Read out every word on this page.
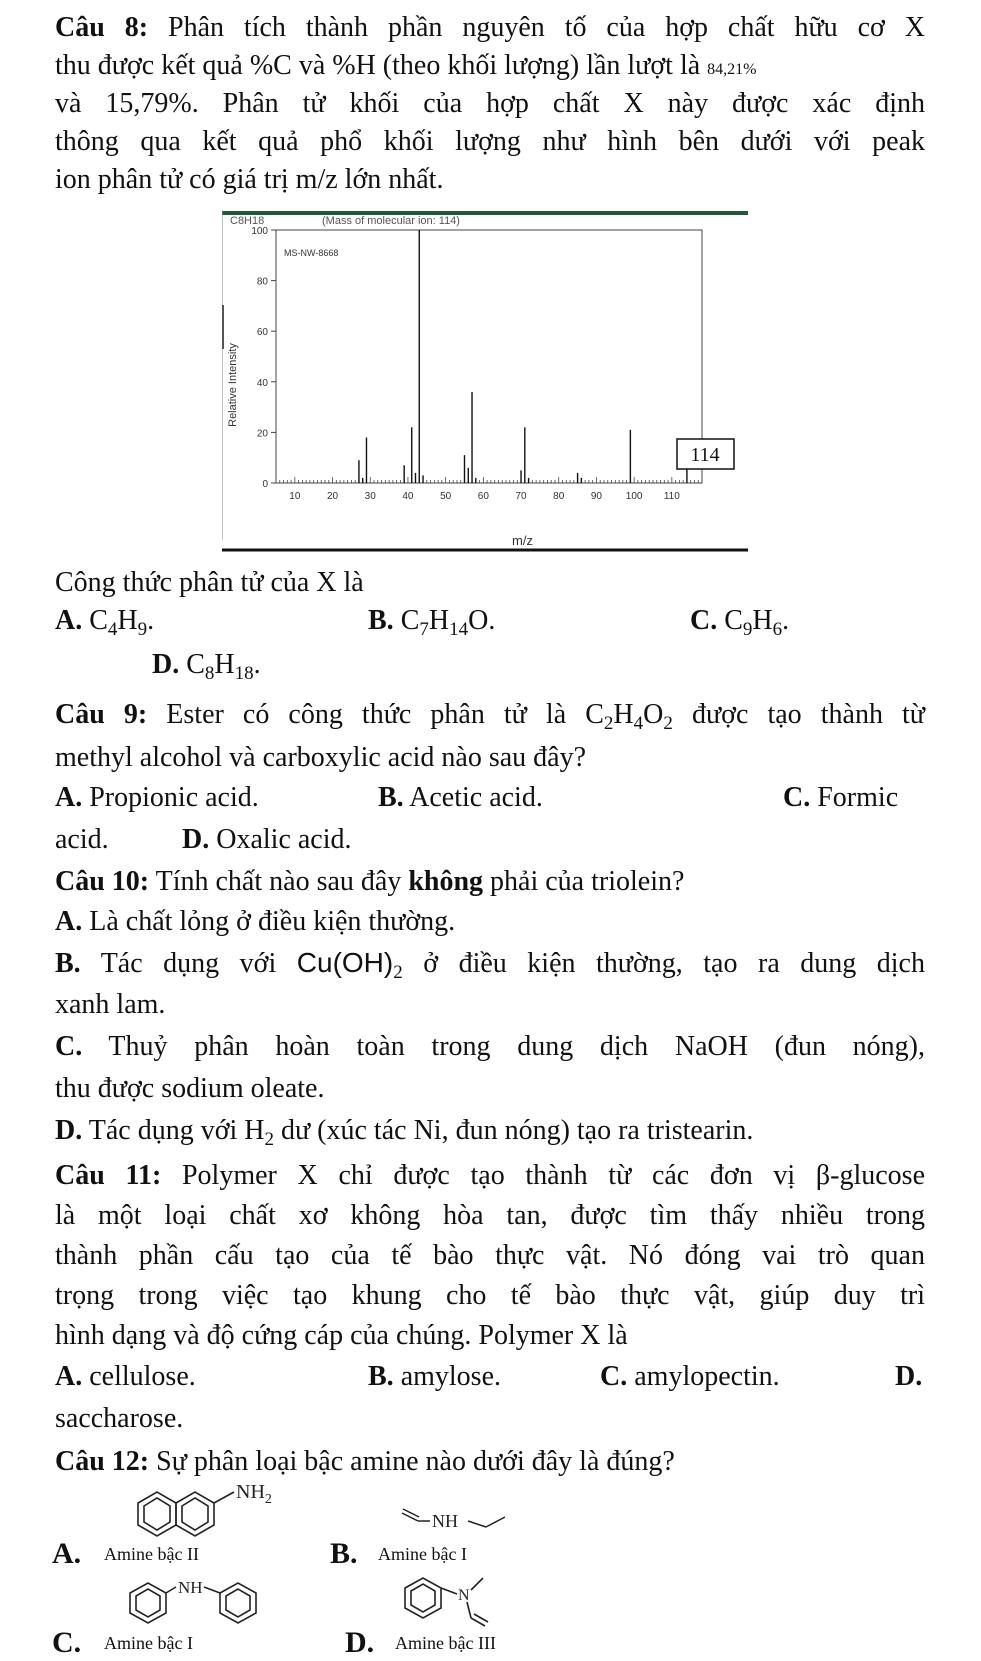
Câu 8: Phân tích thành phần nguyên tố của hợp chất hữu cơ X
thu được kết quả %C và %H (theo khối lượng) lần lượt là 84,21%
và 15,79%. Phân tử khối của hợp chất X này được xác định
thông qua kết quả phổ khối lượng như hình bên dưới với peak
ion phân tử có giá trị m/z lớn nhất.
C8H18	(Mass of molecular ion: 114)
MS-NW-8668
m/z
Relative Intensity
10	20	30	40	50	60	70	80	90 100 110
0
20
40
60
80
100
114
Công thức phân tử của X là
A. $C_4H_9$.	B. $C_7H_{14}O$.	C. $C_9H_6$.
D. $C_8H_{18}$.
Câu 9: Ester có công thức phân tử là $C_2H_4O_2$ được tạo thành từ
methyl alcohol và carboxylic acid nào sau đây?
A. Propionic acid.	B. Acetic acid.	C. Formic
acid.	D. Oxalic acid.
Câu 10: Tính chất nào sau đây không phải của triolein?
A. Là chất lỏng ở điều kiện thường.
B. Tác dụng với $Cu(OH)_2$ ở điều kiện thường, tạo ra dung dịch
xanh lam.
C. Thuỷ phân hoàn toàn trong dung dịch NaOH (đun nóng),
thu được sodium oleate.
D. Tác dụng với $H_2$ dư (xúc tác Ni, đun nóng) tạo ra tristearin.
Câu 11: Polymer X chỉ được tạo thành từ các đơn vị β-glucose
là một loại chất xơ không hòa tan, được tìm thấy nhiều trong
thành phần cấu tạo của tế bào thực vật. Nó đóng vai trò quan
trọng trong việc tạo khung cho tế bào thực vật, giúp duy trì
hình dạng và độ cứng cáp của chúng. Polymer X là
A. cellulose.	B. amylose.	C. amylopectin.	D.
saccharose.
Câu 12: Sự phân loại bậc amine nào dưới đây là đúng?
$NH_2$
A. Amine bậc II
NH
B. Amine bậc I
NH
C. Amine bậc I
N
D. Amine bậc III
